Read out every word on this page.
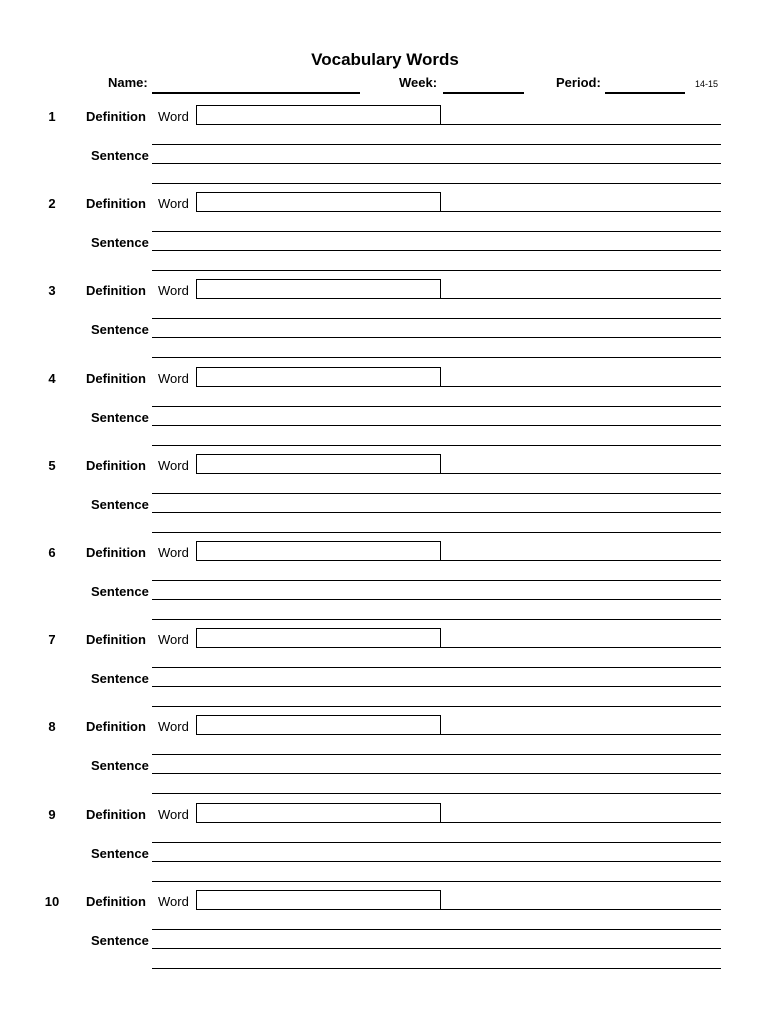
Vocabulary Words
Name:	Week:	Period:	14-15
1	Definition Word
Sentence
2	Definition Word
Sentence
3	Definition Word
Sentence
4	Definition Word
Sentence
5	Definition Word
Sentence
6	Definition Word
Sentence
7	Definition Word
Sentence
8	Definition Word
Sentence
9	Definition Word
Sentence
10	Definition Word
Sentence
